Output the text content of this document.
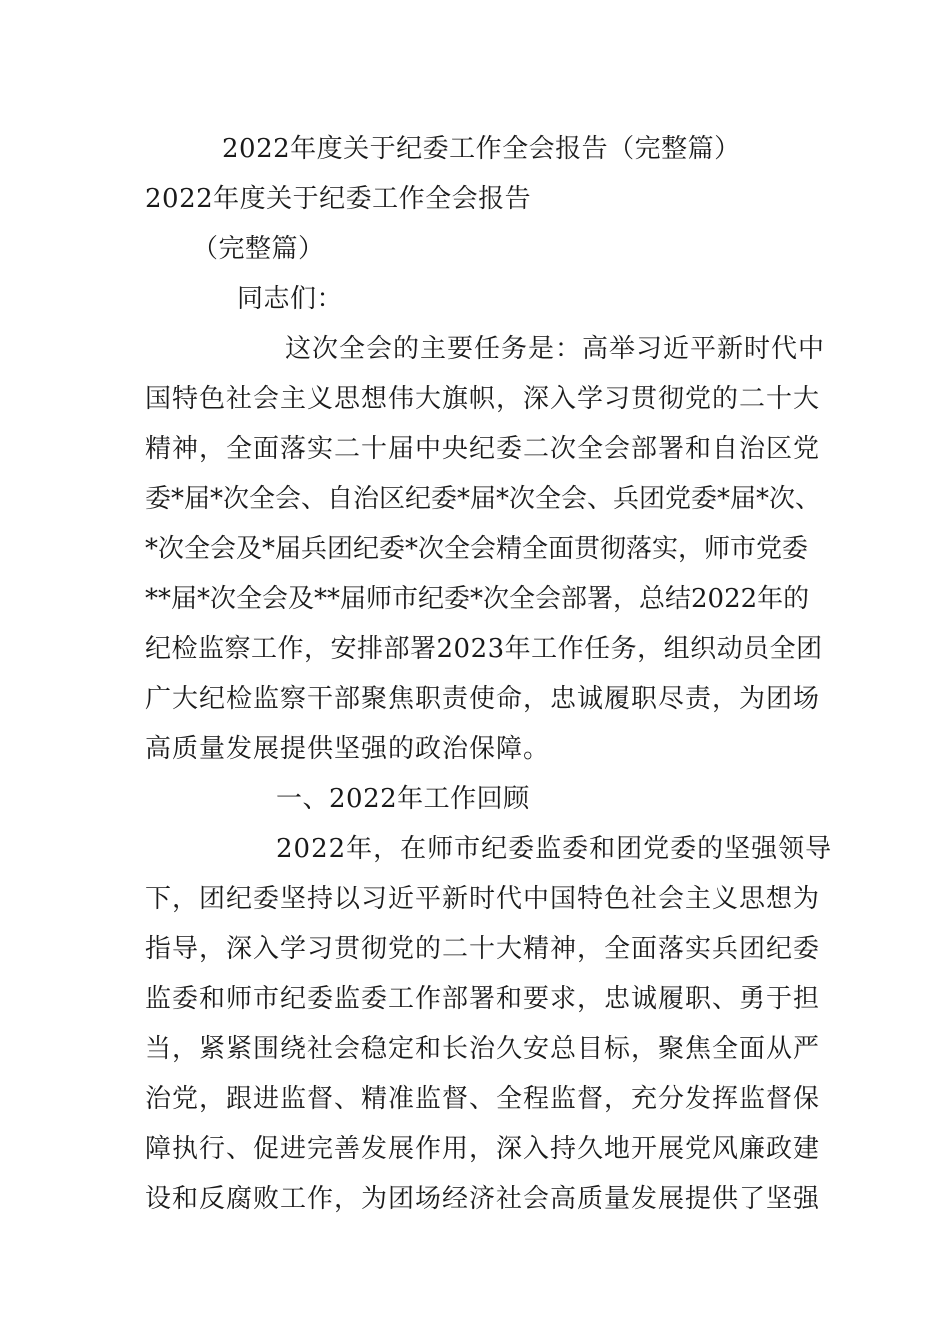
2022年度关于纪委工作全会报告（完整篇）
2022年度关于纪委工作全会报告
（完整篇）
同志们：
这次全会的主要任务是：高举习近平新时代中
国特色社会主义思想伟大旗帜，深入学习贯彻党的二十大
精神，全面落实二十届中央纪委二次全会部署和自治区党
委*届*次全会、自治区纪委*届*次全会、兵团党委*届*次、
*次全会及*届兵团纪委*次全会精全面贯彻落实，师市党委
**届*次全会及**届师市纪委*次全会部署，总结2022年的
纪检监察工作，安排部署2023年工作任务，组织动员全团
广大纪检监察干部聚焦职责使命，忠诚履职尽责，为团场
高质量发展提供坚强的政治保障。
一、2022年工作回顾
2022年，在师市纪委监委和团党委的坚强领导
下，团纪委坚持以习近平新时代中国特色社会主义思想为
指导，深入学习贯彻党的二十大精神，全面落实兵团纪委
监委和师市纪委监委工作部署和要求，忠诚履职、勇于担
当，紧紧围绕社会稳定和长治久安总目标，聚焦全面从严
治党，跟进监督、精准监督、全程监督，充分发挥监督保
障执行、促进完善发展作用，深入持久地开展党风廉政建
设和反腐败工作，为团场经济社会高质量发展提供了坚强
